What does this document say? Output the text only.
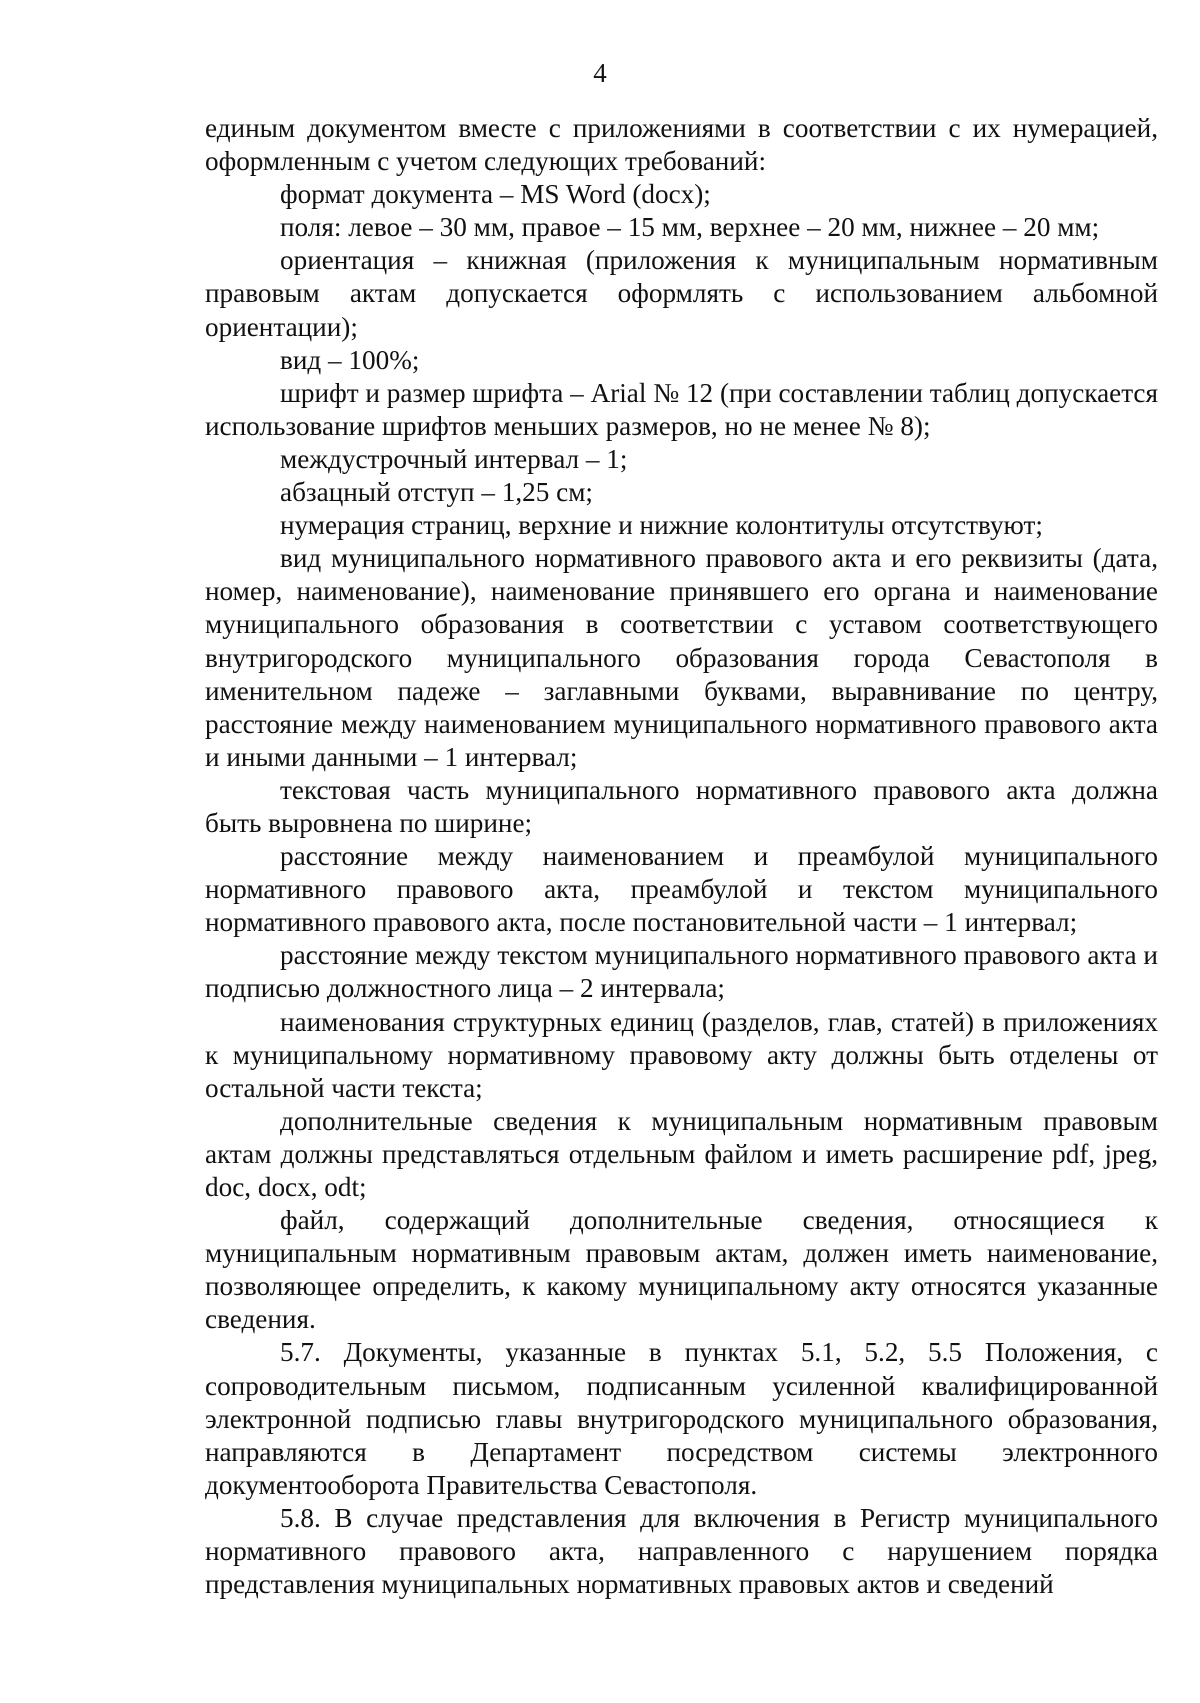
4

единым документом вместе с приложениями в соответствии с их нумерацией, оформленным с учетом следующих требований:

формат документа – MS Word (docx);

поля: левое – 30 мм, правое – 15 мм, верхнее – 20 мм, нижнее – 20 мм;

ориентация – книжная (приложения к муниципальным нормативным правовым актам допускается оформлять с использованием альбомной ориентации);

вид – 100%;

шрифт и размер шрифта – Arial № 12 (при составлении таблиц допускается использование шрифтов меньших размеров, но не менее № 8);

междустрочный интервал – 1;

абзацный отступ – 1,25 см;

нумерация страниц, верхние и нижние колонтитулы отсутствуют;

вид муниципального нормативного правового акта и его реквизиты (дата, номер, наименование), наименование принявшего его органа и наименование муниципального образования в соответствии с уставом соответствующего внутригородского муниципального образования города Севастополя в именительном падеже – заглавными буквами, выравнивание по центру, расстояние между наименованием муниципального нормативного правового акта и иными данными – 1 интервал;

текстовая часть муниципального нормативного правового акта должна быть выровнена по ширине;

расстояние между наименованием и преамбулой муниципального нормативного правового акта, преамбулой и текстом муниципального нормативного правового акта, после постановительной части – 1 интервал;

расстояние между текстом муниципального нормативного правового акта и подписью должностного лица – 2 интервала;

наименования структурных единиц (разделов, глав, статей) в приложениях к муниципальному нормативному правовому акту должны быть отделены от остальной части текста;

дополнительные сведения к муниципальным нормативным правовым актам должны представляться отдельным файлом и иметь расширение pdf, jpeg, doc, docx, odt;

файл, содержащий дополнительные сведения, относящиеся к муниципальным нормативным правовым актам, должен иметь наименование, позволяющее определить, к какому муниципальному акту относятся указанные сведения.

5.7. Документы, указанные в пунктах 5.1, 5.2, 5.5 Положения, с сопроводительным письмом, подписанным усиленной квалифицированной электронной подписью главы внутригородского муниципального образования, направляются в Департамент посредством системы электронного документооборота Правительства Севастополя.

5.8. В случае представления для включения в Регистр муниципального нормативного правового акта, направленного с нарушением порядка представления муниципальных нормативных правовых актов и сведений
